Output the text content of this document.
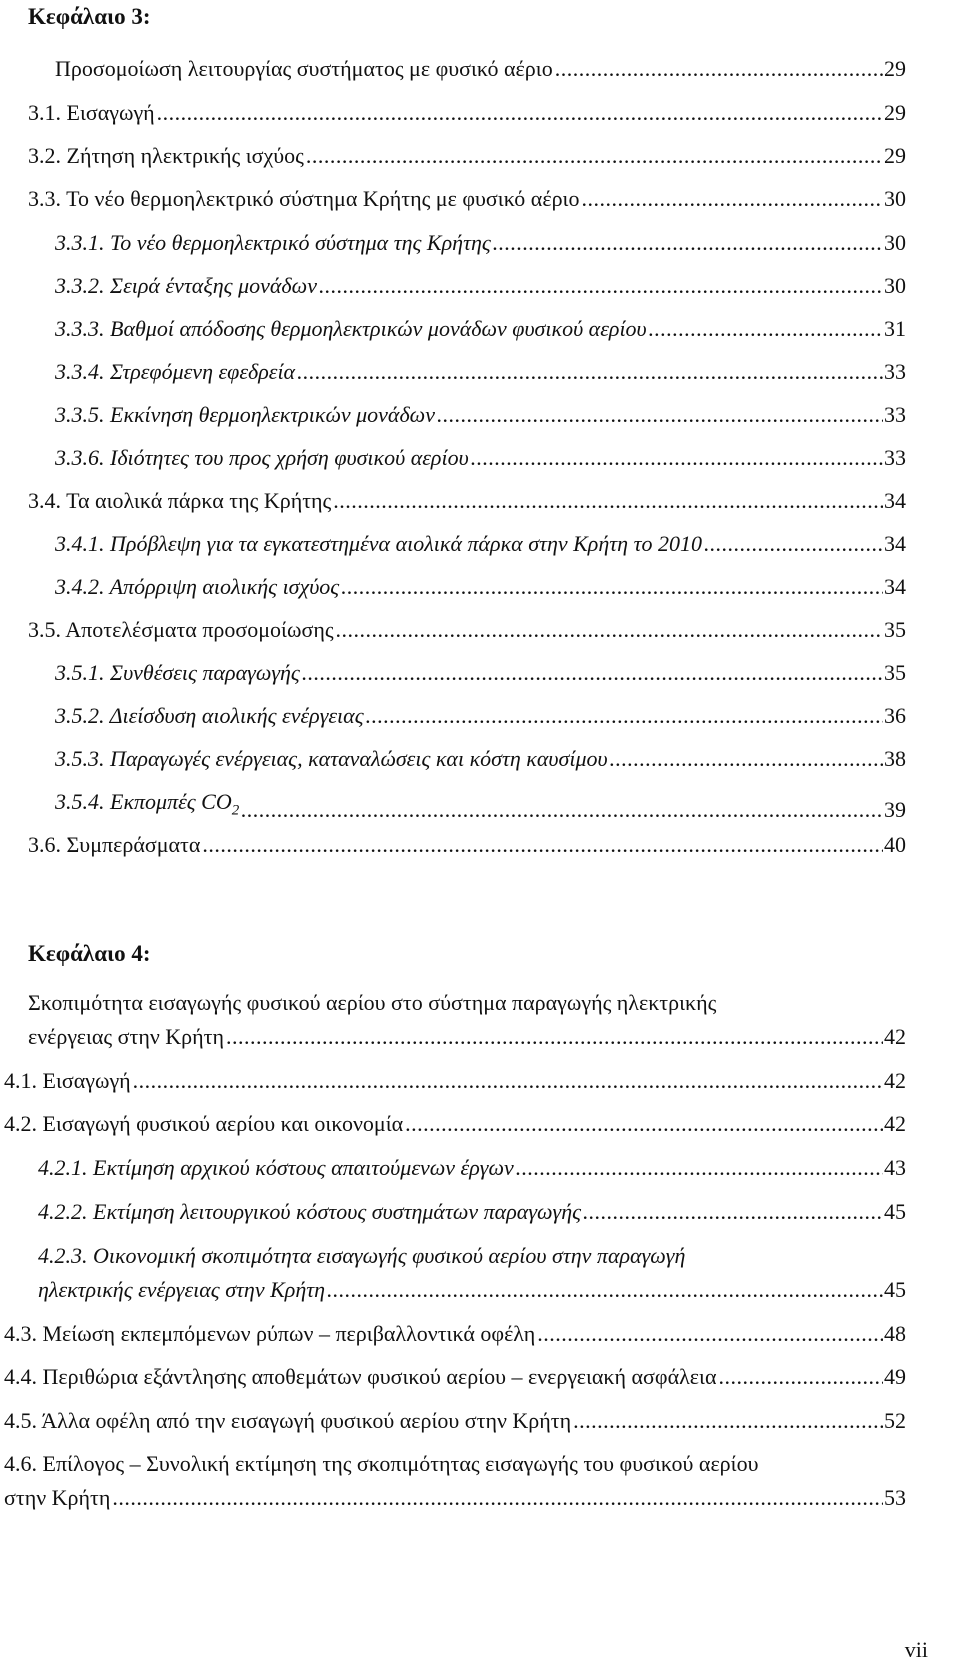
Κεφάλαιο 3:
Προσομοίωση λειτουργίας συστήματος με φυσικό αέριο .....	29
3.1. Εισαγωγή .....	29
3.2. Ζήτηση ηλεκτρικής ισχύος .....	29
3.3. Το νέο θερμοηλεκτρικό σύστημα Κρήτης με φυσικό αέριο .....	30
3.3.1. Το νέο θερμοηλεκτρικό σύστημα της Κρήτης .....	30
3.3.2. Σειρά ένταξης μονάδων .....	30
3.3.3. Βαθμοί απόδοσης θερμοηλεκτρικών μονάδων φυσικού αερίου .....	31
3.3.4. Στρεφόμενη εφεδρεία .....	33
3.3.5. Εκκίνηση θερμοηλεκτρικών μονάδων .....	33
3.3.6. Ιδιότητες του προς χρήση φυσικού αερίου .....	33
3.4. Τα αιολικά πάρκα της Κρήτης .....	34
3.4.1. Πρόβλεψη για τα εγκατεστημένα αιολικά πάρκα στην Κρήτη το 2010 .....	34
3.4.2. Απόρριψη αιολικής ισχύος .....	34
3.5. Αποτελέσματα προσομοίωσης .....	35
3.5.1. Συνθέσεις παραγωγής .....	35
3.5.2. Διείσδυση αιολικής ενέργειας .....	36
3.5.3. Παραγωγές ενέργειας, καταναλώσεις και κόστη καυσίμου .....	38
3.5.4. Εκπομπές $CO_2$ .....	39
3.6. Συμπεράσματα .....	40
Κεφάλαιο 4:
Σκοπιμότητα εισαγωγής φυσικού αερίου στο σύστημα παραγωγής ηλεκτρικής
ενέργειας στην Κρήτη .....	42
4.1. Εισαγωγή .....	42
4.2. Εισαγωγή φυσικού αερίου και οικονομία .....	42
4.2.1. Εκτίμηση αρχικού κόστους απαιτούμενων έργων .....	43
4.2.2. Εκτίμηση λειτουργικού κόστους συστημάτων παραγωγής .....	45
4.2.3. Οικονομική σκοπιμότητα εισαγωγής φυσικού αερίου στην παραγωγή
ηλεκτρικής ενέργειας στην Κρήτη .....	45
4.3. Μείωση εκπεμπόμενων ρύπων – περιβαλλοντικά οφέλη .....	48
4.4. Περιθώρια εξάντλησης αποθεμάτων φυσικού αερίου – ενεργειακή ασφάλεια .....	49
4.5. Άλλα οφέλη από την εισαγωγή φυσικού αερίου στην Κρήτη .....	52
4.6. Επίλογος – Συνολική εκτίμηση της σκοπιμότητας εισαγωγής του φυσικού αερίου
στην Κρήτη .....	53
vii
